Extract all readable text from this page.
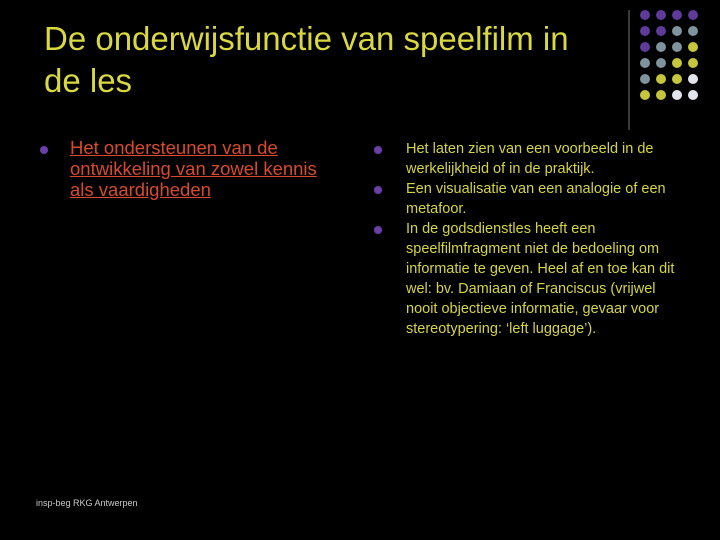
De onderwijsfunctie van speelfilm in de les
Het ondersteunen van de ontwikkeling van zowel kennis als vaardigheden
Het laten zien van een voorbeeld in de werkelijkheid of in de praktijk.
Een visualisatie van een analogie of een metafoor.
In de godsdienstles heeft een speelfilmfragment niet de bedoeling om informatie te geven. Heel af en toe kan dit wel: bv. Damiaan of Franciscus (vrijwel nooit objectieve informatie, gevaar voor stereotypering: ‘left luggage’).
insp-beg RKG Antwerpen
